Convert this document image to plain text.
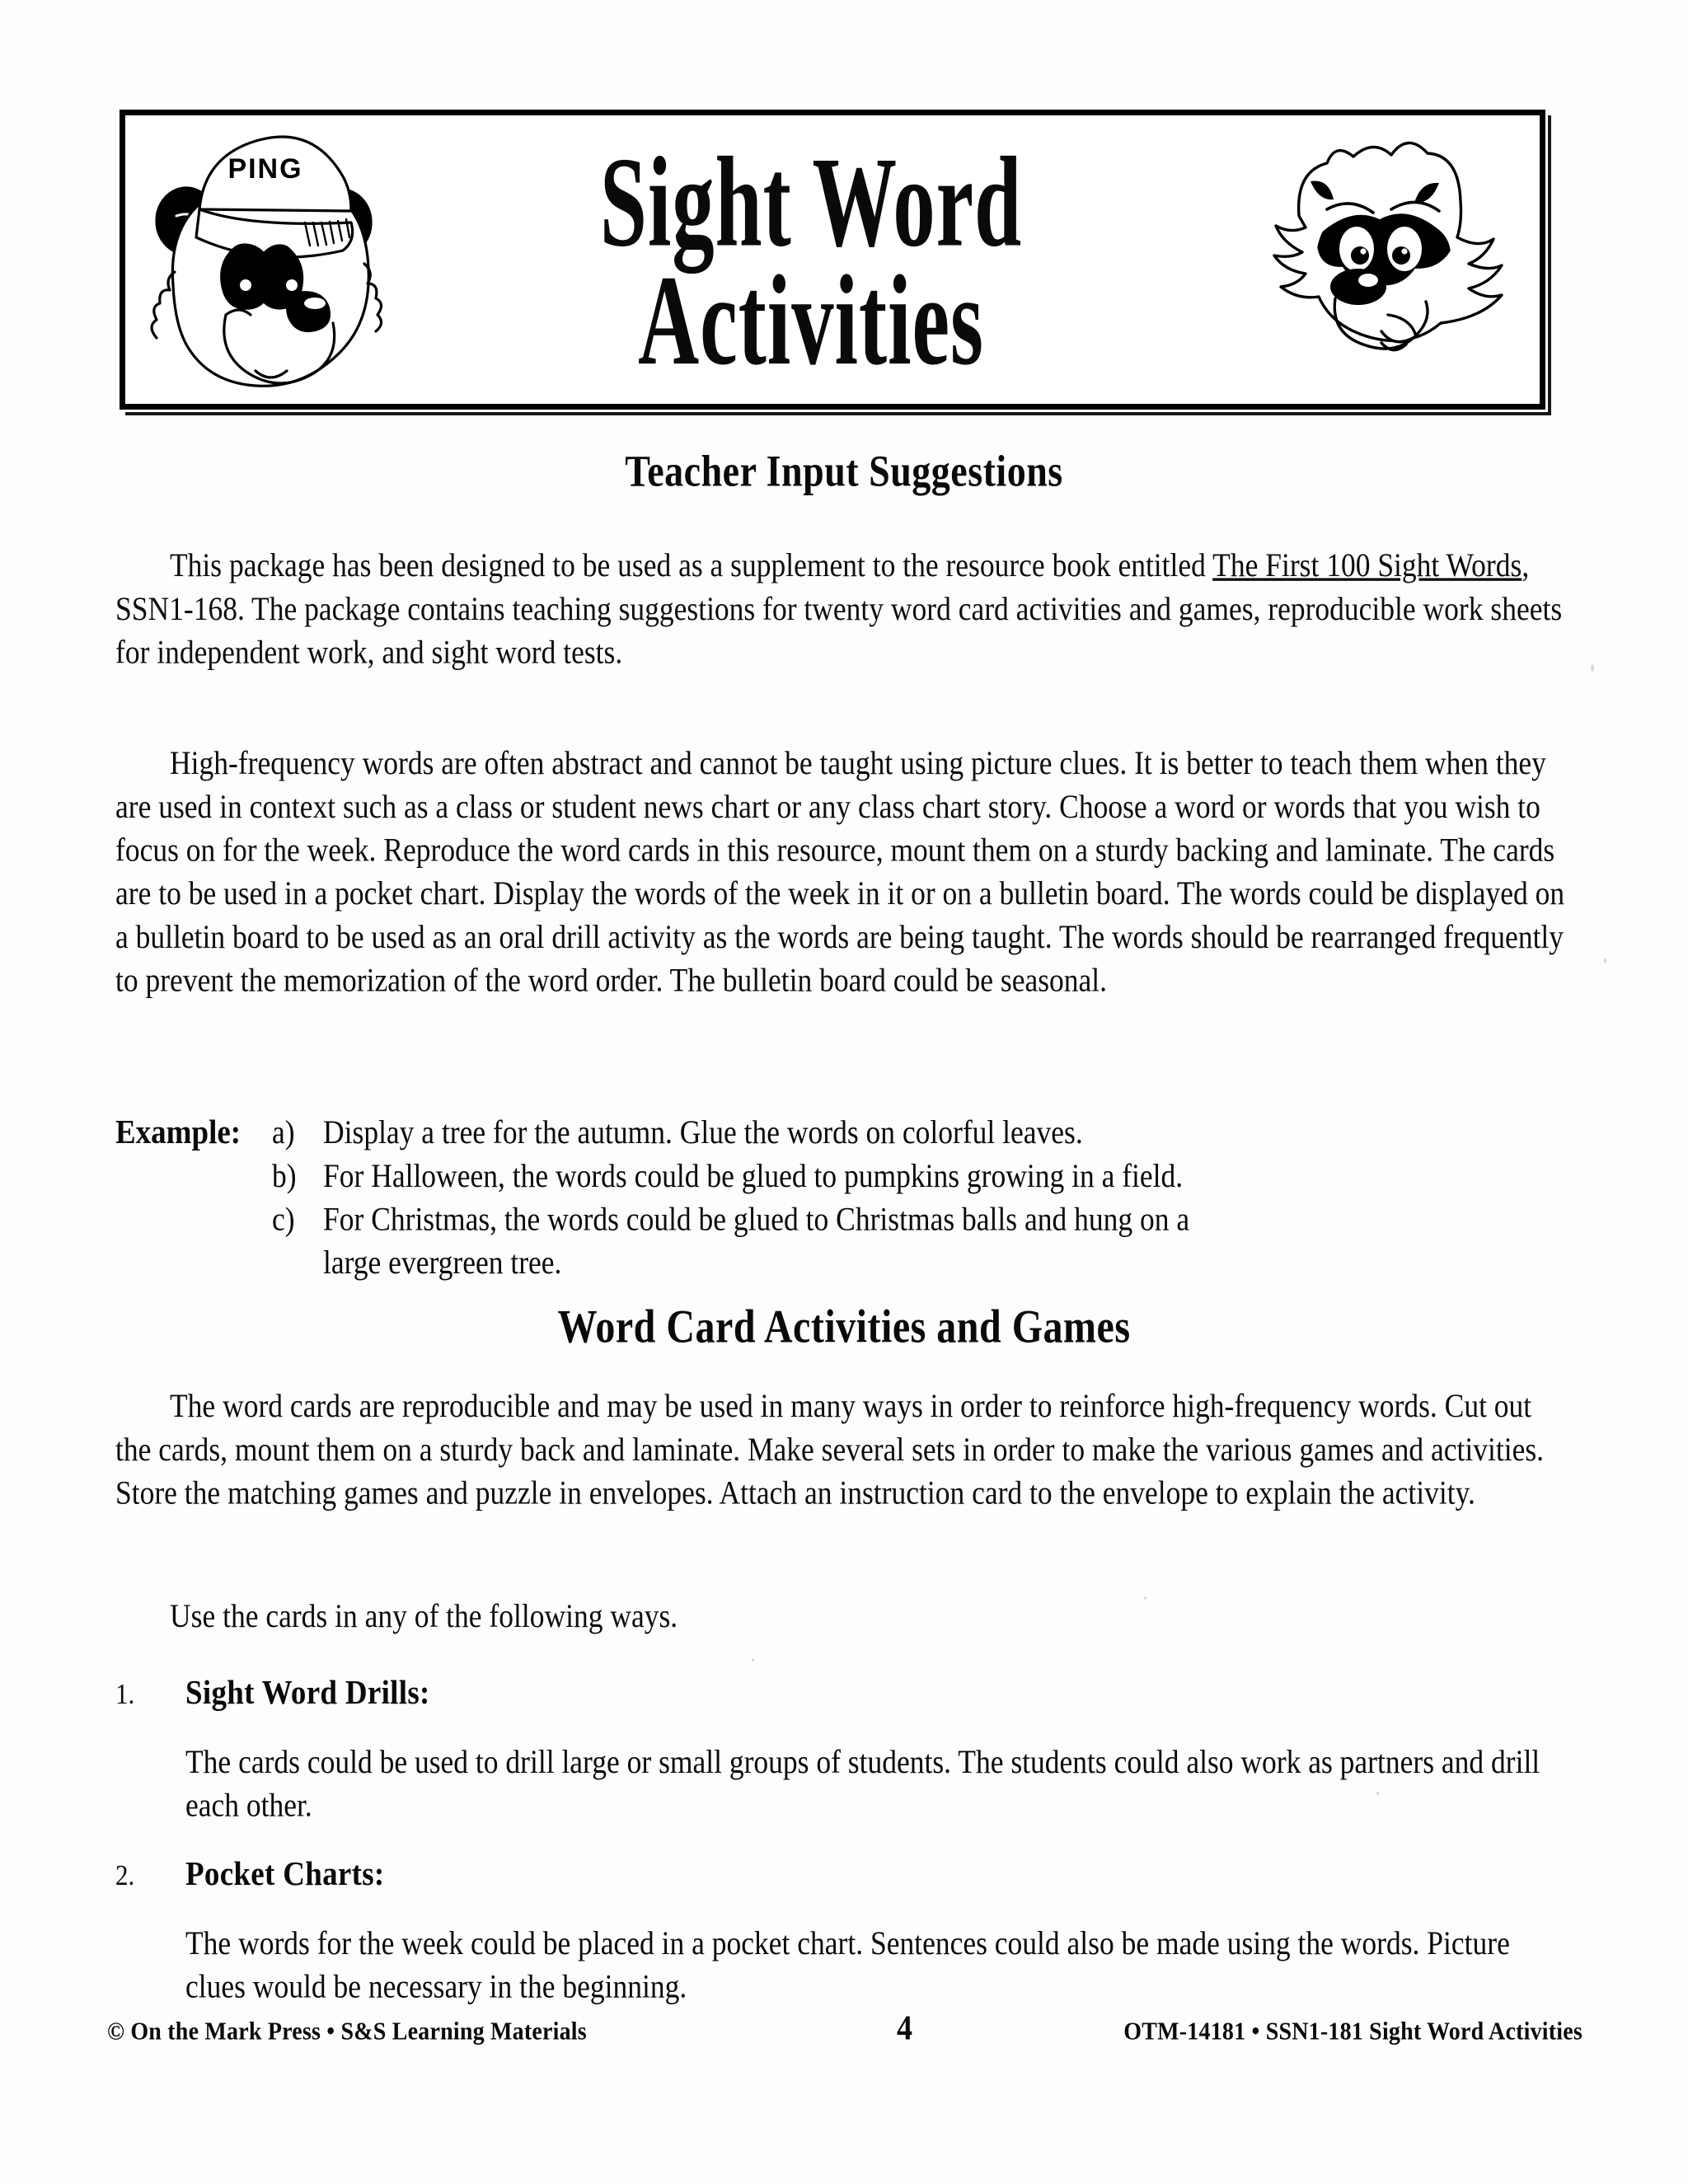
PING	Sight Word
Activities
Teacher Input Suggestions
This package has been designed to be used as a supplement to the resource book entitled The First 100 Sight Words, SSN1-168. The package contains teaching suggestions for twenty word card activities and games, reproducible work sheets for independent work, and sight word tests.
High-frequency words are often abstract and cannot be taught using picture clues. It is better to teach them when they are used in context such as a class or student news chart or any class chart story. Choose a word or words that you wish to focus on for the week. Reproduce the word cards in this resource, mount them on a sturdy backing and laminate. The cards are to be used in a pocket chart. Display the words of the week in it or on a bulletin board. The words could be displayed on a bulletin board to be used as an oral drill activity as the words are being taught. The words should be rearranged frequently to prevent the memorization of the word order. The bulletin board could be seasonal.
Example:	a) Display a tree for the autumn. Glue the words on colorful leaves.
b) For Halloween, the words could be glued to pumpkins growing in a field.
c) For Christmas, the words could be glued to Christmas balls and hung on a
large evergreen tree.
Word Card Activities and Games
The word cards are reproducible and may be used in many ways in order to reinforce high-frequency words. Cut out the cards, mount them on a sturdy back and laminate. Make several sets in order to make the various games and activities. Store the matching games and puzzle in envelopes. Attach an instruction card to the envelope to explain the activity.
Use the cards in any of the following ways.
1.	Sight Word Drills:
The cards could be used to drill large or small groups of students. The students could also work as partners and drill each other.
2.	Pocket Charts:
The words for the week could be placed in a pocket chart. Sentences could also be made using the words. Picture clues would be necessary in the beginning.
© On the Mark Press • S&S Learning Materials	4	OTM-14181 • SSN1-181 Sight Word Activities
